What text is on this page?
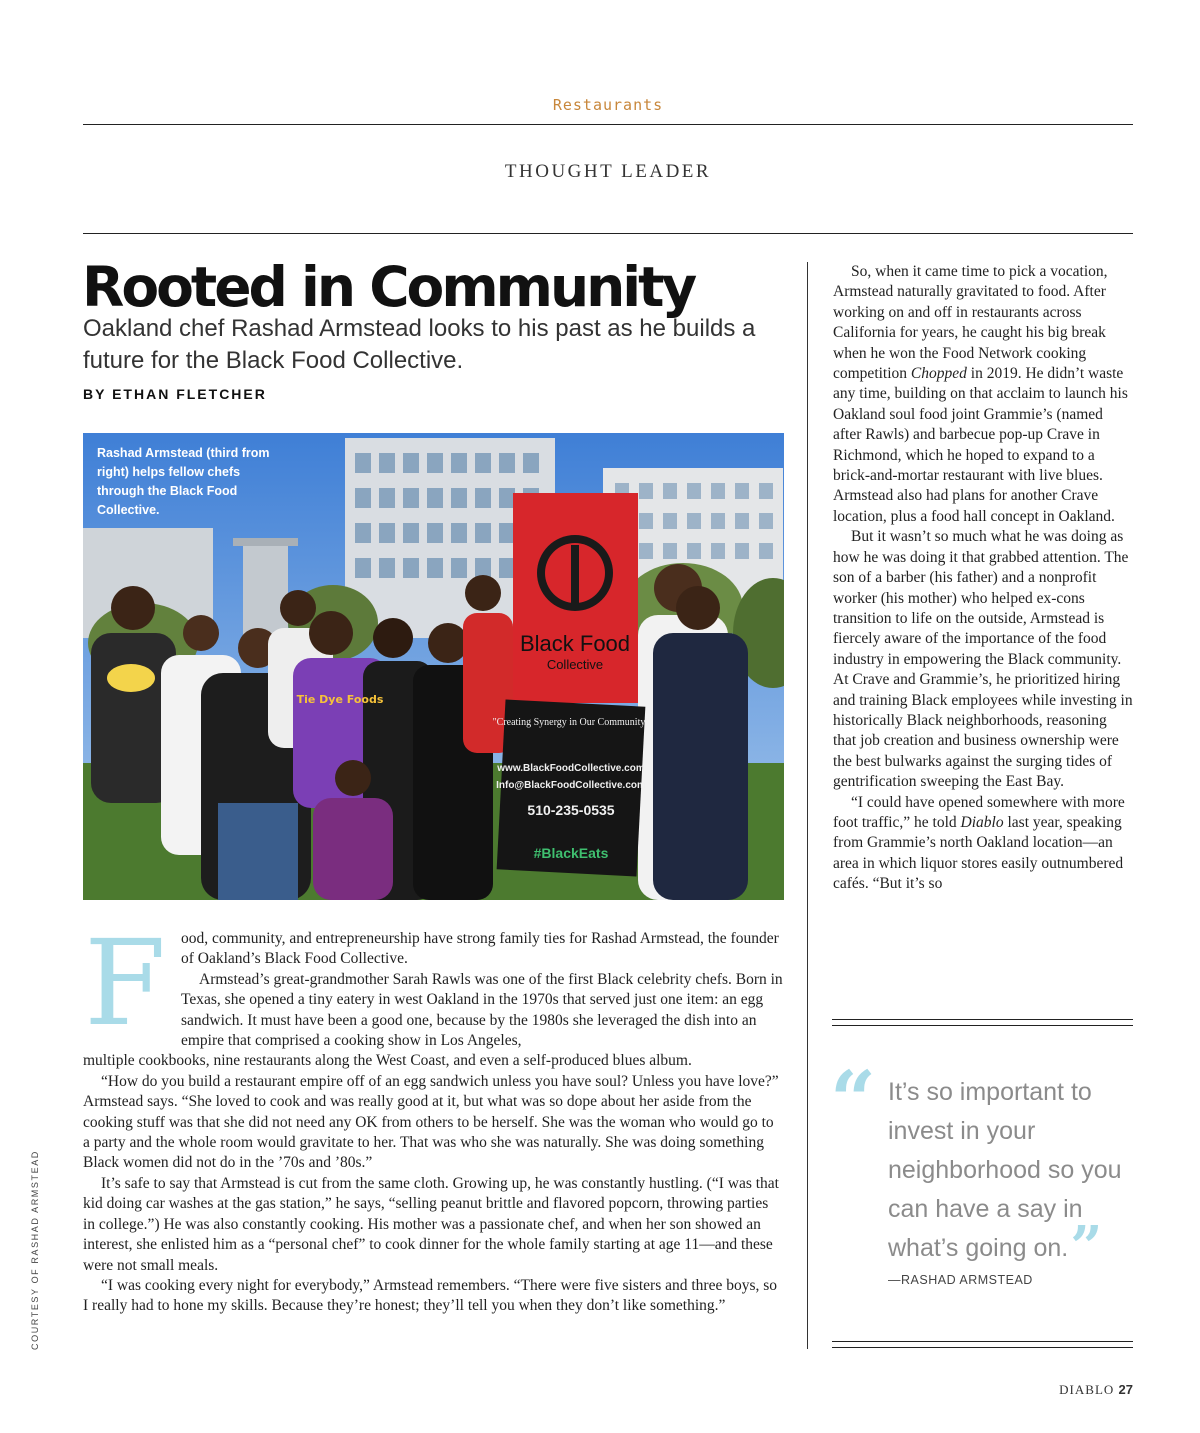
Restaurants
THOUGHT LEADER
Rooted in Community

Oakland chef Rashad Armstead looks to his past as he builds a future for the Black Food Collective.

BY ETHAN FLETCHER
Black Food
Collective
"Creating Synergy in Our Community"
www.BlackFoodCollective.com
Info@BlackFoodCollective.com
510-235-0535
#BlackEats
Tie Dye Foods
Rashad Armstead (third from right) helps fellow chefs through the Black Food Collective.
F ood, community, and entrepreneurship have strong family ties for Rashad Armstead, the founder of Oakland’s Black Food Collective.

Armstead’s great-grandmother Sarah Rawls was one of the first Black celebrity chefs. Born in Texas, she opened a tiny eatery in west Oakland in the 1970s that served just one item: an egg sandwich. It must have been a good one, because by the 1980s she leveraged the dish into an empire that comprised a cooking show in Los Angeles,

multiple cookbooks, nine restaurants along the West Coast, and even a self-produced blues album.

“How do you build a restaurant empire off of an egg sandwich unless you have soul? Unless you have love?” Armstead says. “She loved to cook and was really good at it, but what was so dope about her aside from the cooking stuff was that she did not need any OK from others to be herself. She was the woman who would go to a party and the whole room would gravitate to her. That was who she was naturally. She was doing something Black women did not do in the ’70s and ’80s.”

It’s safe to say that Armstead is cut from the same cloth. Growing up, he was constantly hustling. (“I was that kid doing car washes at the gas station,” he says, “selling peanut brittle and flavored popcorn, throwing parties in college.”) He was also constantly cooking. His mother was a passionate chef, and when her son showed an interest, she enlisted him as a “personal chef” to cook dinner for the whole family starting at age 11—and these were not small meals.

“I was cooking every night for everybody,” Armstead remembers. “There were five sisters and three boys, so I really had to hone my skills. Because they’re honest; they’ll tell you when they don’t like something.”

So, when it came time to pick a vocation, Armstead naturally gravitated to food. After working on and off in restaurants across California for years, he caught his big break when he won the Food Network cooking competition Chopped in 2019. He didn’t waste any time, building on that acclaim to launch his Oakland soul food joint Grammie’s (named after Rawls) and barbecue pop-up Crave in Richmond, which he hoped to expand to a brick-and-mortar restaurant with live blues. Armstead also had plans for another Crave location, plus a food hall concept in Oakland.

But it wasn’t so much what he was doing as how he was doing it that grabbed attention. The son of a barber (his father) and a nonprofit worker (his mother) who helped ex-cons transition to life on the outside, Armstead is fiercely aware of the importance of the food industry in empowering the Black community. At Crave and Grammie’s, he prioritized hiring and training Black employees while investing in historically Black neighborhoods, reasoning that job creation and business ownership were the best bulwarks against the surging tides of gentrification sweeping the East Bay.

“I could have opened somewhere with more foot traffic,” he told Diablo last year, speaking from Grammie’s north Oakland location—an area in which liquor stores easily outnumbered cafés. “But it’s so

“ It’s so important to invest in your neighborhood so you can have a say in what’s going on.”
—RASHAD ARMSTEAD
COURTESY OF RASHAD ARMSTEAD
DIABLO 27
